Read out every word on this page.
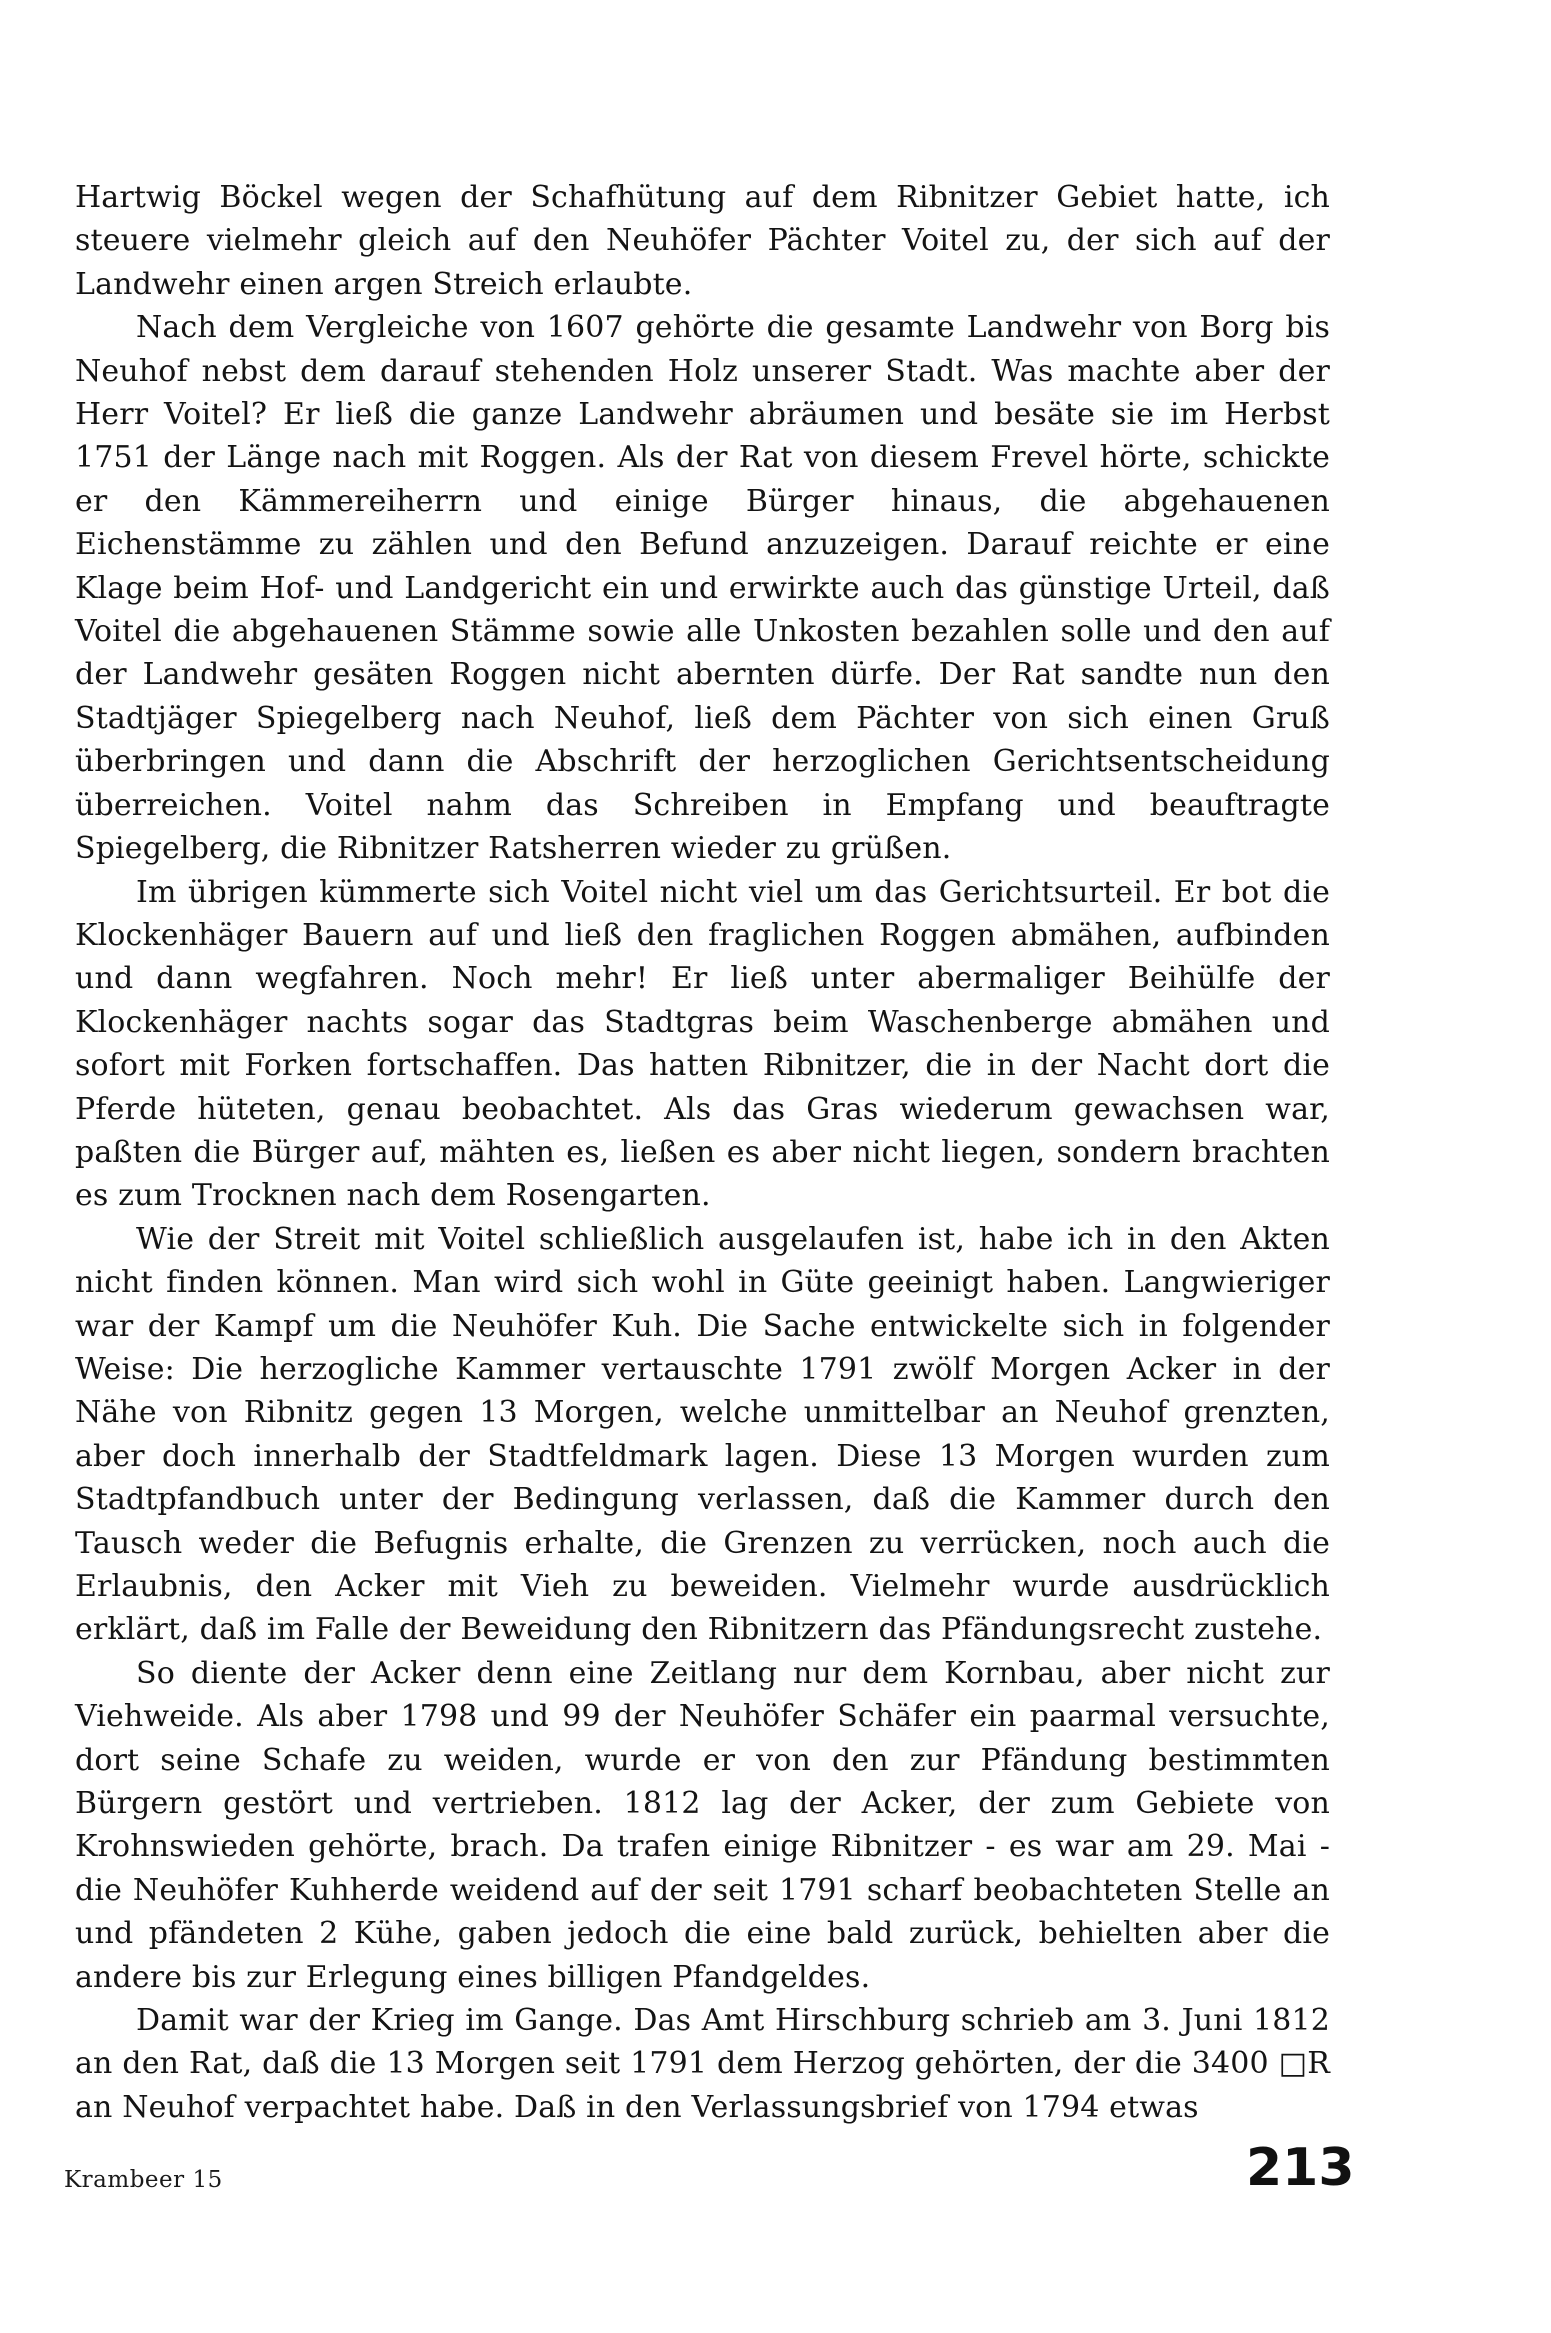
Hartwig Böckel wegen der Schafhütung auf dem Ribnitzer Gebiet hatte, ich steuere vielmehr gleich auf den Neuhöfer Pächter Voitel zu, der sich auf der Landwehr einen argen Streich erlaubte.

Nach dem Vergleiche von 1607 gehörte die gesamte Landwehr von Borg bis Neuhof nebst dem darauf stehenden Holz unserer Stadt. Was machte aber der Herr Voitel? Er ließ die ganze Landwehr abräumen und besäte sie im Herbst 1751 der Länge nach mit Roggen. Als der Rat von diesem Frevel hörte, schickte er den Kämmereiherrn und einige Bürger hinaus, die abgehauenen Eichenstämme zu zählen und den Befund anzuzeigen. Darauf reichte er eine Klage beim Hof- und Landgericht ein und erwirkte auch das günstige Urteil, daß Voitel die abgehauenen Stämme sowie alle Unkosten bezahlen solle und den auf der Landwehr gesäten Roggen nicht abernten dürfe. Der Rat sandte nun den Stadtjäger Spiegelberg nach Neuhof, ließ dem Pächter von sich einen Gruß überbringen und dann die Abschrift der herzoglichen Gerichtsentscheidung überreichen. Voitel nahm das Schreiben in Empfang und beauftragte Spiegelberg, die Ribnitzer Ratsherren wieder zu grüßen.

Im übrigen kümmerte sich Voitel nicht viel um das Gerichtsurteil. Er bot die Klockenhäger Bauern auf und ließ den fraglichen Roggen abmähen, aufbinden und dann wegfahren. Noch mehr! Er ließ unter abermaliger Beihülfe der Klockenhäger nachts sogar das Stadtgras beim Waschenberge abmähen und sofort mit Forken fortschaffen. Das hatten Ribnitzer, die in der Nacht dort die Pferde hüteten, genau beobachtet. Als das Gras wiederum gewachsen war, paßten die Bürger auf, mähten es, ließen es aber nicht liegen, sondern brachten es zum Trocknen nach dem Rosengarten.

Wie der Streit mit Voitel schließlich ausgelaufen ist, habe ich in den Akten nicht finden können. Man wird sich wohl in Güte geeinigt haben. Langwieriger war der Kampf um die Neuhöfer Kuh. Die Sache entwickelte sich in folgender Weise: Die herzogliche Kammer vertauschte 1791 zwölf Morgen Acker in der Nähe von Ribnitz gegen 13 Morgen, welche unmittelbar an Neuhof grenzten, aber doch innerhalb der Stadtfeldmark lagen. Diese 13 Morgen wurden zum Stadtpfandbuch unter der Bedingung verlassen, daß die Kammer durch den Tausch weder die Befugnis erhalte, die Grenzen zu verrücken, noch auch die Erlaubnis, den Acker mit Vieh zu beweiden. Vielmehr wurde ausdrücklich erklärt, daß im Falle der Beweidung den Ribnitzern das Pfändungsrecht zustehe.

So diente der Acker denn eine Zeitlang nur dem Kornbau, aber nicht zur Viehweide. Als aber 1798 und 99 der Neuhöfer Schäfer ein paarmal versuchte, dort seine Schafe zu weiden, wurde er von den zur Pfändung bestimmten Bürgern gestört und vertrieben. 1812 lag der Acker, der zum Gebiete von Krohnswieden gehörte, brach. Da trafen einige Ribnitzer - es war am 29. Mai - die Neuhöfer Kuhherde weidend auf der seit 1791 scharf beobachteten Stelle an und pfändeten 2 Kühe, gaben jedoch die eine bald zurück, behielten aber die andere bis zur Erlegung eines billigen Pfandgeldes.

Damit war der Krieg im Gange. Das Amt Hirschburg schrieb am 3. Juni 1812 an den Rat, daß die 13 Morgen seit 1791 dem Herzog gehörten, der die 3400 □R an Neuhof verpachtet habe. Daß in den Verlassungsbrief von 1794 etwas

Krambeer 15	213
